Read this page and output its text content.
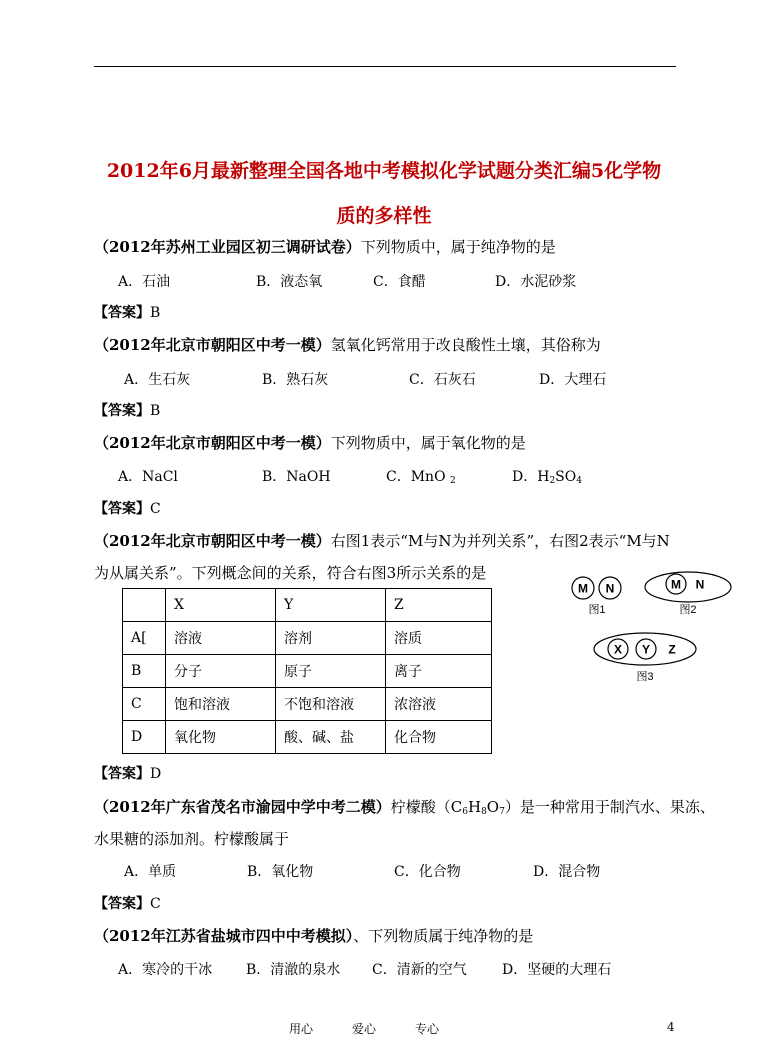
2012年6月最新整理全国各地中考模拟化学试题分类汇编5化学物
质的多样性
（2012年苏州工业园区初三调研试卷）下列物质中，属于纯净物的是
A．石油	B．液态氧	C．食醋	D．水泥砂浆
【答案】B
（2012年北京市朝阳区中考一模）氢氧化钙常用于改良酸性土壤，其俗称为
A．生石灰	B．熟石灰	C．石灰石	D．大理石
【答案】B
（2012年北京市朝阳区中考一模）下列物质中，属于氧化物的是
A．NaCl	B．NaOH	C．MnO $_2$	D．$H_2SO_4$
【答案】C
（2012年北京市朝阳区中考一模）右图1表示“M与N为并列关系”，右图2表示“M与N
为从属关系”。下列概念间的关系，符合右图3所示关系的是
	X	Y	Z
A[	溶液	溶剂	溶质
B	分子	原子	离子
C	饱和溶液	不饱和溶液	浓溶液
D	氧化物	酸、碱、盐	化合物
M N
图1
M N
图2
X Y Z
图3
【答案】D
（2012年广东省茂名市渝园中学中考二模）柠檬酸$(C_6H_8O_7)$是一种常用于制汽水、果冻、
水果糖的添加剂。柠檬酸属于
A．单质	B．氧化物	C．化合物	D．混合物
【答案】C
（2012年江苏省盐城市四中中考模拟）、下列物质属于纯净物的是
A．寒冷的干冰 B．清澈的泉水 C．清新的空气	D．坚硬的大理石
用心	爱心	专心	4
